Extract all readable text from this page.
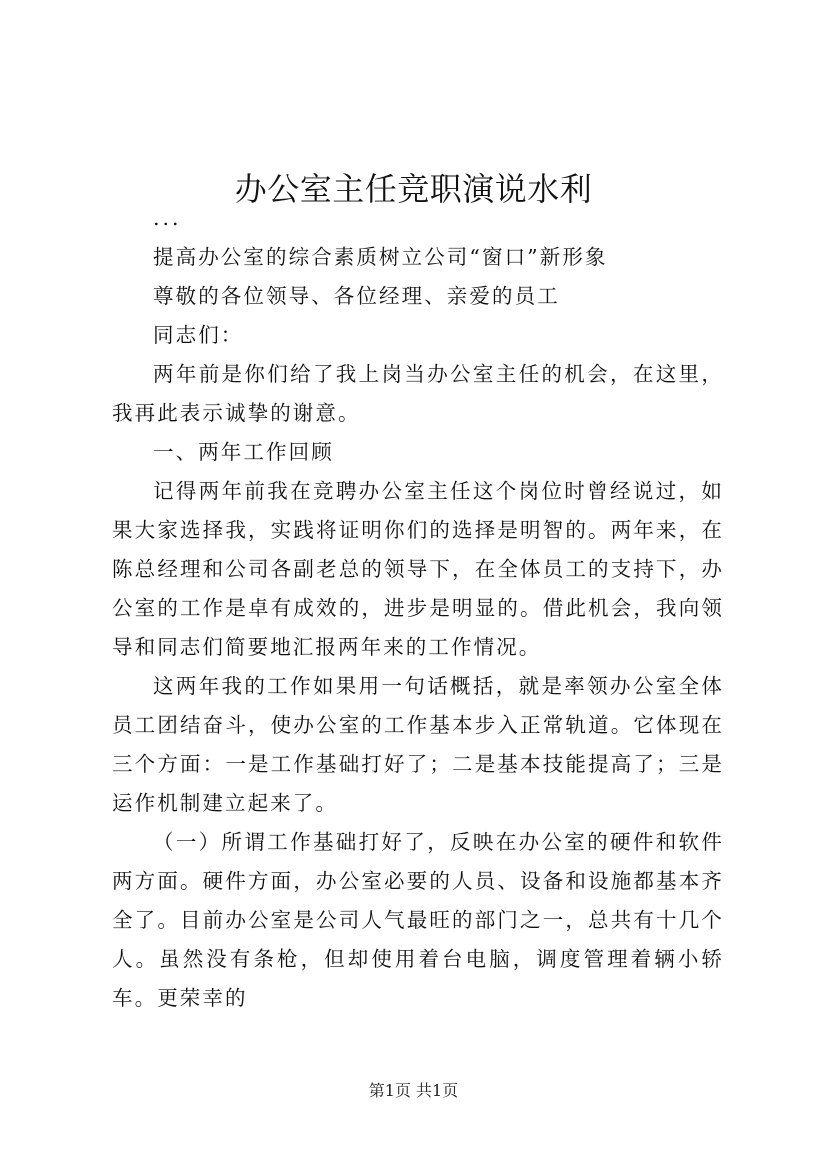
办公室主任竞职演说水利

...

提高办公室的综合素质树立公司“窗口”新形象

尊敬的各位领导、各位经理、亲爱的员工

同志们：

两年前是你们给了我上岗当办公室主任的机会，在这里，我再此表示诚挚的谢意。

一、两年工作回顾

记得两年前我在竞聘办公室主任这个岗位时曾经说过，如果大家选择我，实践将证明你们的选择是明智的。两年来，在陈总经理和公司各副老总的领导下，在全体员工的支持下，办公室的工作是卓有成效的，进步是明显的。借此机会，我向领导和同志们简要地汇报两年来的工作情况。

这两年我的工作如果用一句话概括，就是率领办公室全体员工团结奋斗，使办公室的工作基本步入正常轨道。它体现在三个方面：一是工作基础打好了；二是基本技能提高了；三是运作机制建立起来了。

（一）所谓工作基础打好了，反映在办公室的硬件和软件两方面。硬件方面，办公室必要的人员、设备和设施都基本齐全了。目前办公室是公司人气最旺的部门之一，总共有十几个人。虽然没有条枪，但却使用着台电脑，调度管理着辆小轿车。更荣幸的

第1页 共1页
